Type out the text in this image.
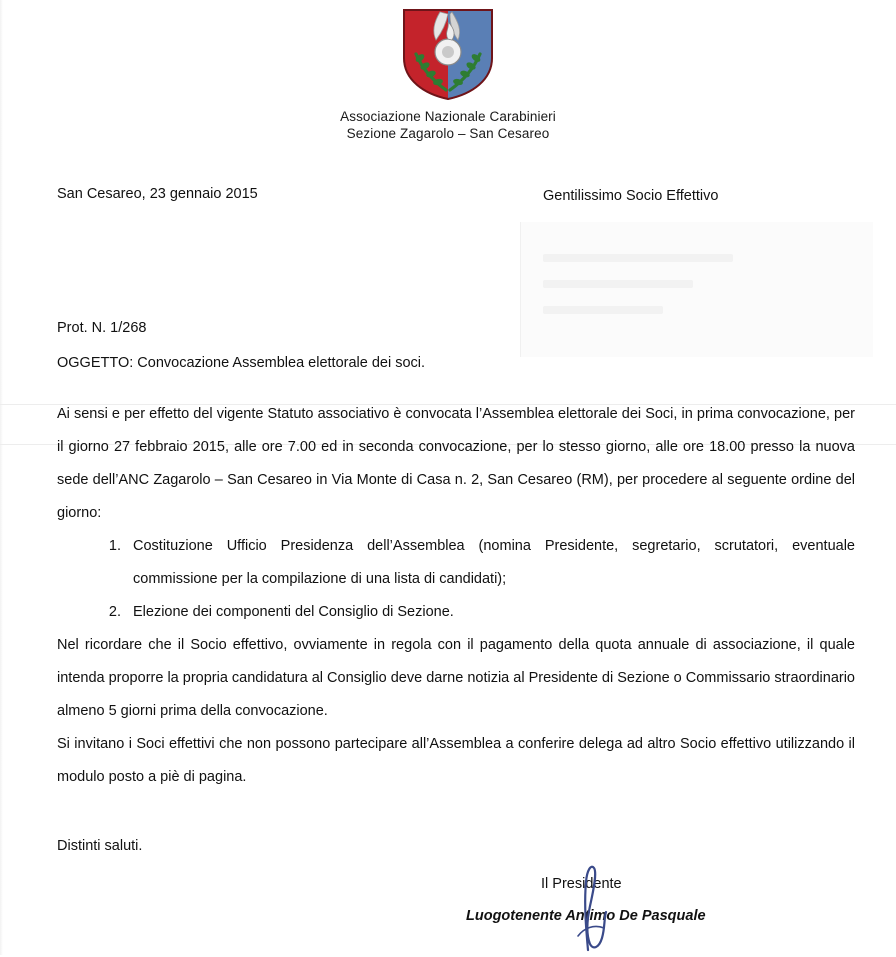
Associazione Nazionale Carabinieri
Sezione Zagarolo – San Cesareo
San Cesareo, 23 gennaio 2015	Gentilissimo Socio Effettivo
Prot. N. 1/268
OGGETTO: Convocazione Assemblea elettorale dei soci.

Ai sensi e per effetto del vigente Statuto associativo è convocata l’Assemblea elettorale dei Soci, in prima convocazione, per il giorno 27 febbraio 2015, alle ore 7.00 ed in seconda convocazione, per lo stesso giorno, alle ore 18.00 presso la nuova sede dell’ANC Zagarolo – San Cesareo in Via Monte di Casa n. 2, San Cesareo (RM), per procedere al seguente ordine del giorno:

1. Costituzione Ufficio Presidenza dell’Assemblea (nomina Presidente, segretario, scrutatori, eventuale commissione per la compilazione di una lista di candidati);
2. Elezione dei componenti del Consiglio di Sezione.

Nel ricordare che il Socio effettivo, ovviamente in regola con il pagamento della quota annuale di associazione, il quale intenda proporre la propria candidatura al Consiglio deve darne notizia al Presidente di Sezione o Commissario straordinario almeno 5 giorni prima della convocazione.

Si invitano i Soci effettivi che non possono partecipare all’Assemblea a conferire delega ad altro Socio effettivo utilizzando il modulo posto a piè di pagina.

Distinti saluti.
Il Presidente
Luogotenente Antimo De Pasquale
